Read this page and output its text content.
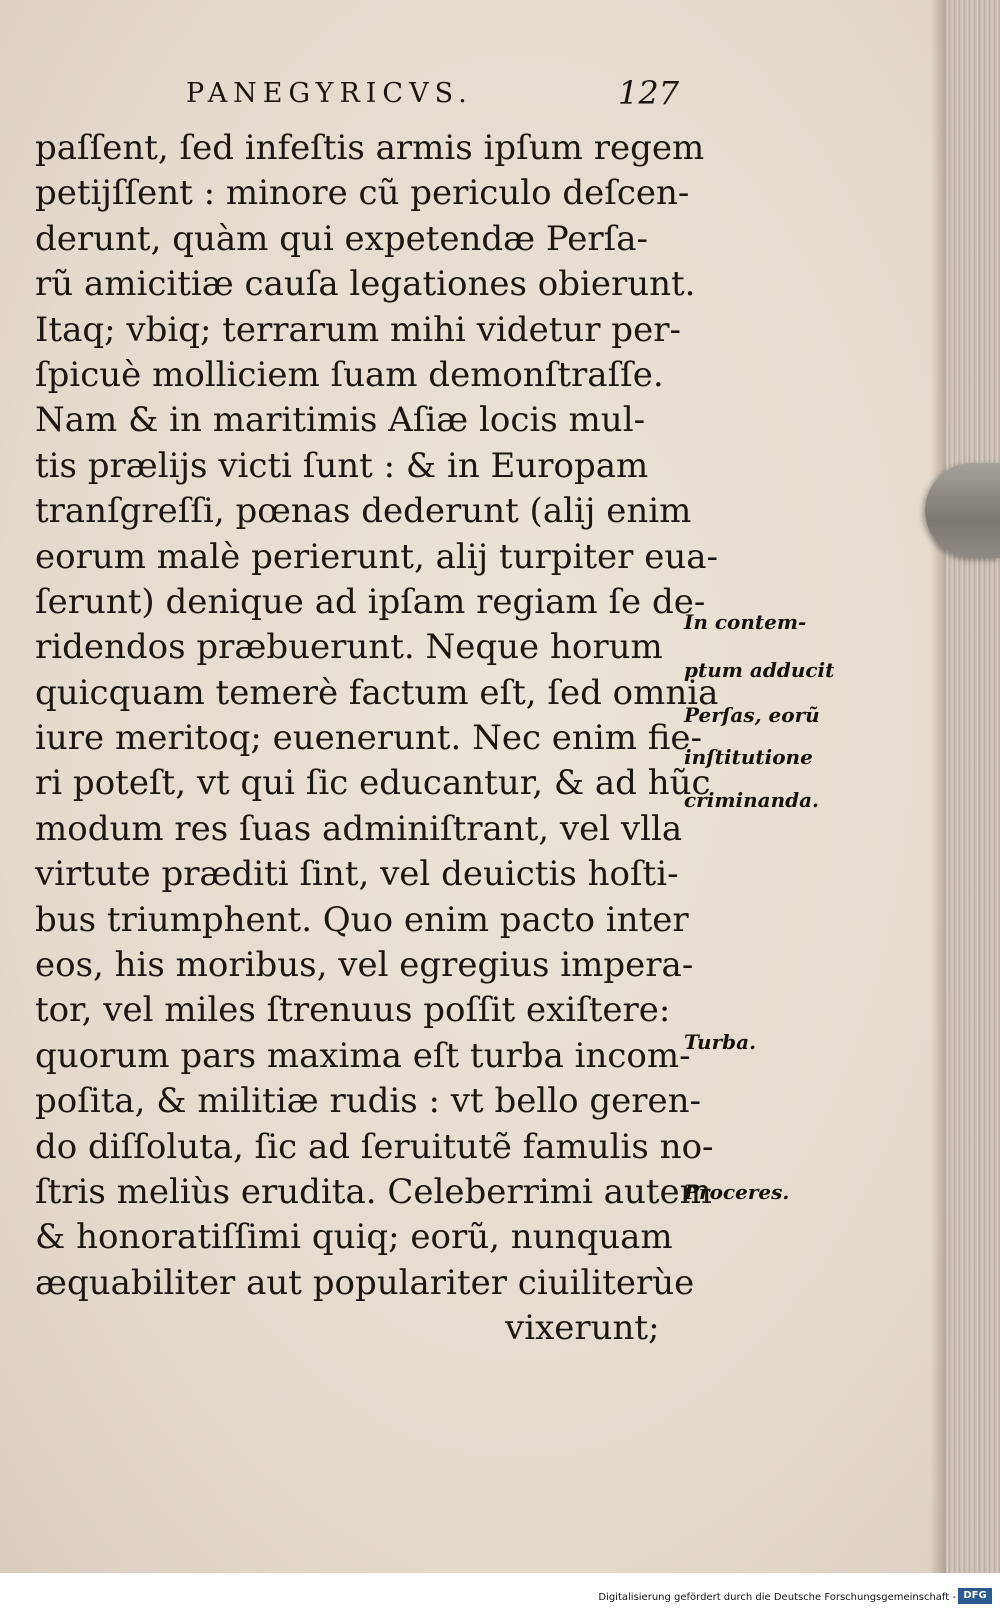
PANEGYRICVS.	127
paſſent, ſed infeſtis armis ipſum regem
petijſſent : minore cũ periculo deſcen-
derunt, quàm qui expetendæ Perſa-
rũ amicitiæ cauſa legationes obierunt.
Itaq; vbiq; terrarum mihi videtur per-
ſpicuè molliciem ſuam demonſtraſſe.
Nam & in maritimis Aſiæ locis mul-
tis prælijs victi ſunt : & in Europam
tranſgreſſi, pœnas dederunt (alij enim
eorum malè perierunt, alij turpiter eua-
ſerunt) denique ad ipſam regiam ſe de-
ridendos præbuerunt. Neque horum
quicquam temerè factum eſt, ſed omnia
iure meritoq; euenerunt. Nec enim fie-
ri poteſt, vt qui ſic educantur, & ad hũc
modum res ſuas adminiſtrant, vel vlla
virtute præditi ſint, vel deuictis hoſti-
bus triumphent. Quo enim pacto inter
eos, his moribus, vel egregius impera-
tor, vel miles ſtrenuus poſſit exiſtere:
quorum pars maxima eſt turba incom-
poſita, & militiæ rudis : vt bello geren-
do diſſoluta, ſic ad ſeruitutẽ famulis no-
ſtris meliùs erudita. Celeberrimi autem
& honoratiſſimi quiq; eorũ, nunquam
æquabiliter aut populariter ciuiliterùe
vixerunt;
In contem-
ptum adducit
Perſas, eorũ
inſtitutione
criminanda.
Turba.
Proceres.
Digitalisierung gefördert durch die Deutsche Forschungsgemeinschaft - DFG
